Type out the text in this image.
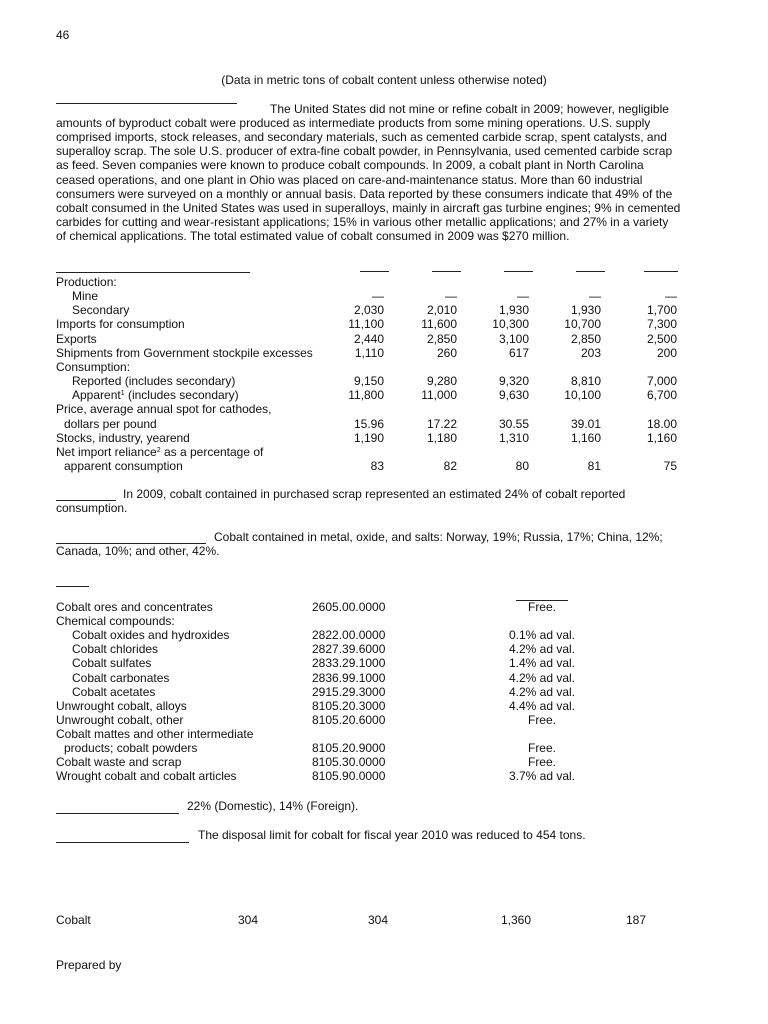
46
(Data in metric tons of cobalt content unless otherwise noted)
The United States did not mine or refine cobalt in 2009; however, negligible
amounts of byproduct cobalt were produced as intermediate products from some mining operations. U.S. supply
comprised imports, stock releases, and secondary materials, such as cemented carbide scrap, spent catalysts, and
superalloy scrap. The sole U.S. producer of extra-fine cobalt powder, in Pennsylvania, used cemented carbide scrap
as feed. Seven companies were known to produce cobalt compounds. In 2009, a cobalt plant in North Carolina
ceased operations, and one plant in Ohio was placed on care-and-maintenance status. More than 60 industrial
consumers were surveyed on a monthly or annual basis. Data reported by these consumers indicate that 49% of the
cobalt consumed in the United States was used in superalloys, mainly in aircraft gas turbine engines; 9% in cemented
carbides for cutting and wear-resistant applications; 15% in various other metallic applications; and 27% in a variety
of chemical applications. The total estimated value of cobalt consumed in 2009 was $270 million.
Production:
Mine	—	—	—	—	—
Secondary	2,030	2,010	1,930	1,930	1,700
Imports for consumption	11,100	11,600	10,300	10,700	7,300
Exports	2,440	2,850	3,100	2,850	2,500
Shipments from Government stockpile excesses	1,110	260	617	203	200
Consumption:
Reported (includes secondary)	9,150	9,280	9,320	8,810	7,000
Apparent$^1$ (includes secondary)	11,800	11,000	9,630	10,100	6,700
Price, average annual spot for cathodes,
dollars per pound	15.96	17.22	30.55	39.01	18.00
Stocks, industry, yearend	1,190	1,180	1,310	1,160	1,160
Net import reliance$^2$ as a percentage of
apparent consumption	83	82	80	81	75
In 2009, cobalt contained in purchased scrap represented an estimated 24% of cobalt reported
consumption.
Cobalt contained in metal, oxide, and salts: Norway, 19%; Russia, 17%; China, 12%;
Canada, 10%; and other, 42%.
Cobalt ores and concentrates	2605.00.0000	Free.
Chemical compounds:
Cobalt oxides and hydroxides	2822.00.0000	0.1% ad val.
Cobalt chlorides	2827.39.6000	4.2% ad val.
Cobalt sulfates	2833.29.1000	1.4% ad val.
Cobalt carbonates	2836.99.1000	4.2% ad val.
Cobalt acetates	2915.29.3000	4.2% ad val.
Unwrought cobalt, alloys	8105.20.3000	4.4% ad val.
Unwrought cobalt, other	8105.20.6000	Free.
Cobalt mattes and other intermediate
products; cobalt powders	8105.20.9000	Free.
Cobalt waste and scrap	8105.30.0000	Free.
Wrought cobalt and cobalt articles	8105.90.0000	3.7% ad val.
22% (Domestic), 14% (Foreign).
The disposal limit for cobalt for fiscal year 2010 was reduced to 454 tons.
Cobalt	304	304	1,360	187
Prepared by
